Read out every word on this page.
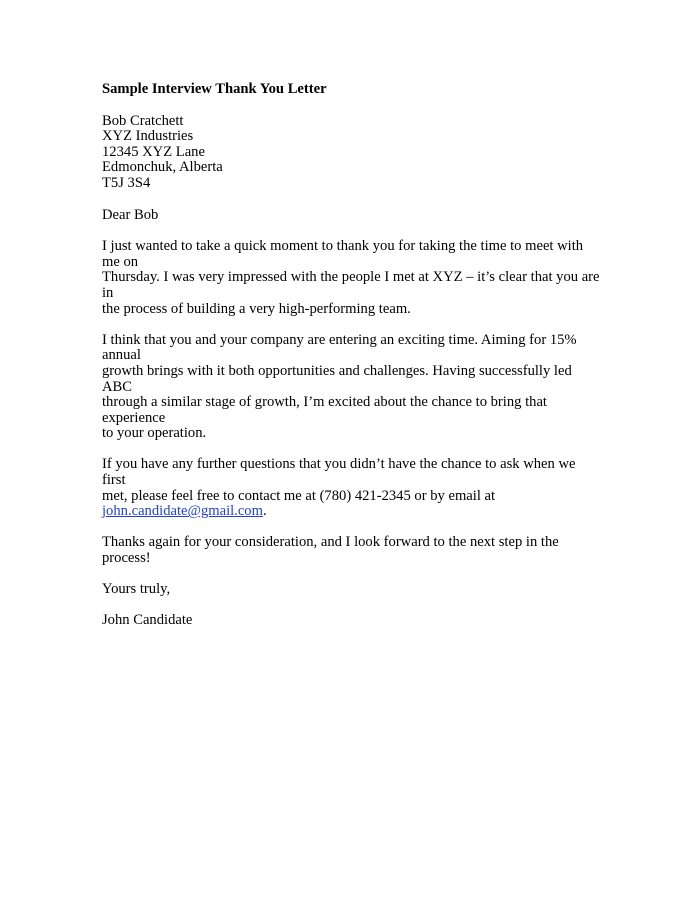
Sample Interview Thank You Letter

Bob Cratchett

XYZ Industries

12345 XYZ Lane

Edmonchuk, Alberta

T5J 3S4

Dear Bob

I just wanted to take a quick moment to thank you for taking the time to meet with me on

Thursday. I was very impressed with the people I met at XYZ – it’s clear that you are in

the process of building a very high-performing team.

I think that you and your company are entering an exciting time. Aiming for 15% annual

growth brings with it both opportunities and challenges. Having successfully led ABC

through a similar stage of growth, I’m excited about the chance to bring that experience

to your operation.

If you have any further questions that you didn’t have the chance to ask when we first

met, please feel free to contact me at (780) 421-2345 or by email at

john.candidate@gmail.com.

Thanks again for your consideration, and I look forward to the next step in the process!

Yours truly,

John Candidate
